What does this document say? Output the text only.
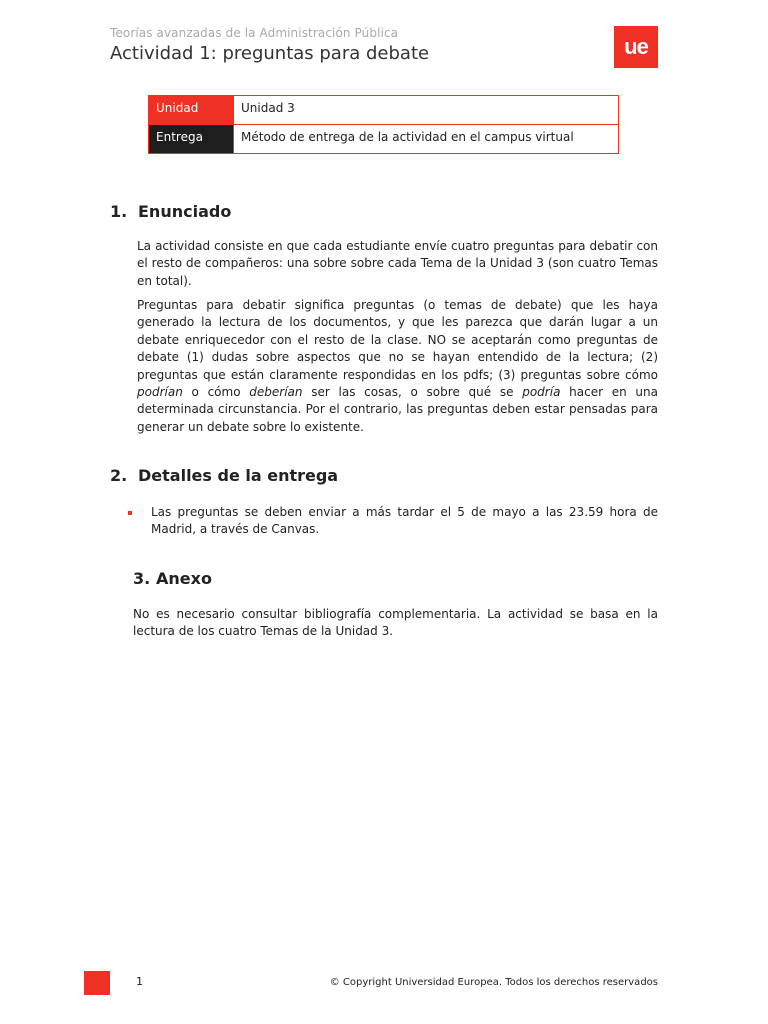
Teorías avanzadas de la Administración Pública
Actividad 1: preguntas para debate	ue
Unidad	Unidad 3
Entrega	Método de entrega de la actividad en el campus virtual
1. Enunciado

La actividad consiste en que cada estudiante envíe cuatro preguntas para debatir con el resto de compañeros: una sobre sobre cada Tema de la Unidad 3 (son cuatro Temas en total).

Preguntas para debatir significa preguntas (o temas de debate) que les haya generado la lectura de los documentos, y que les parezca que darán lugar a un debate enriquecedor con el resto de la clase. NO se aceptarán como preguntas de debate (1) dudas sobre aspectos que no se hayan entendido de la lectura; (2) preguntas que están claramente respondidas en los pdfs; (3) preguntas sobre cómo podrían o cómo deberían ser las cosas, o sobre qué se podría hacer en una determinada circunstancia. Por el contrario, las preguntas deben estar pensadas para generar un debate sobre lo existente.

2. Detalles de la entrega

Las preguntas se deben enviar a más tardar el 5 de mayo a las 23.59 hora de Madrid, a través de Canvas.

3. Anexo

No es necesario consultar bibliografía complementaria. La actividad se basa en la lectura de los cuatro Temas de la Unidad 3.

1	© Copyright Universidad Europea. Todos los derechos reservados
